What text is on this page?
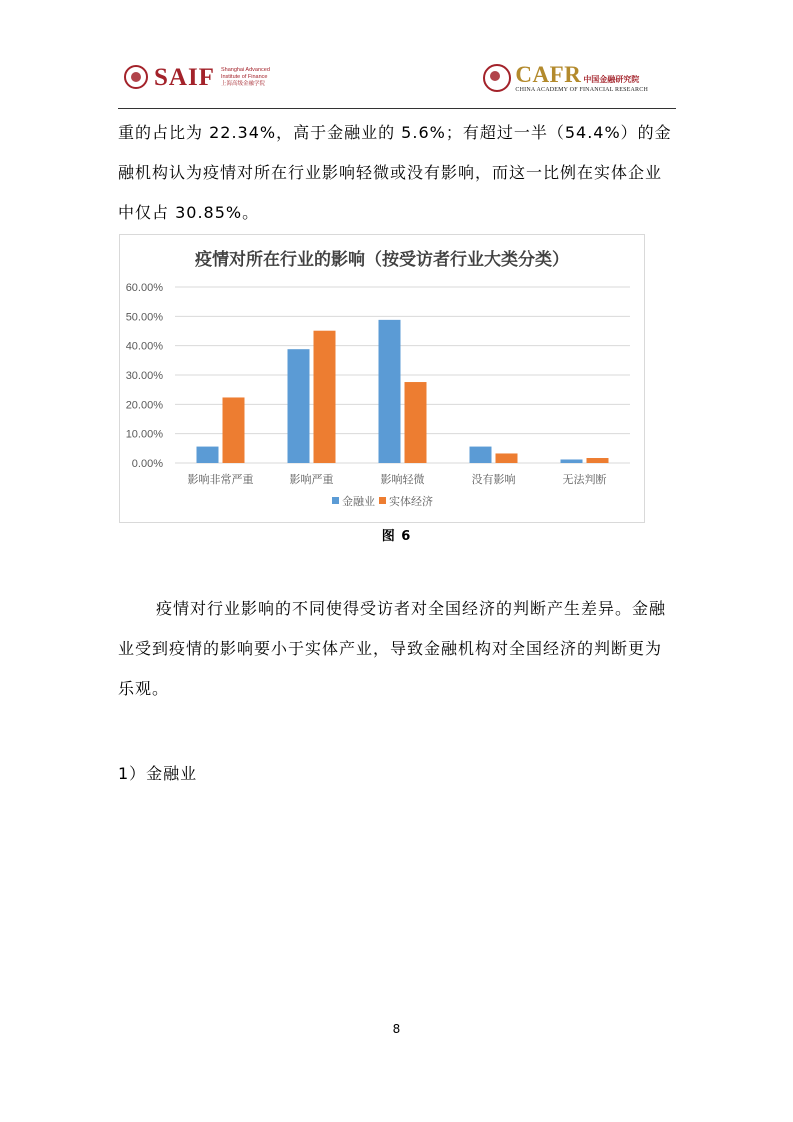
SAIF Shanghai Advanced
Institute of Finance
上海高级金融学院	CAFR 中国金融研究院
CHINA ACADEMY OF FINANCIAL RESEARCH

重的占比为 22.34%，高于金融业的 5.6%；有超过一半（54.4%）的金融机构认为疫情对所在行业影响轻微或没有影响，而这一比例在实体企业中仅占 30.85%。

疫情对所在行业的影响（按受访者行业大类分类）
0.00%
10.00%
20.00%
30.00%
40.00%
50.00%
60.00%
影响非常严重	影响严重	影响轻微	没有影响	无法判断
金融业 实体经济

图 6

疫情对行业影响的不同使得受访者对全国经济的判断产生差异。金融业受到疫情的影响要小于实体产业，导致金融机构对全国经济的判断更为乐观。

1）金融业

8
